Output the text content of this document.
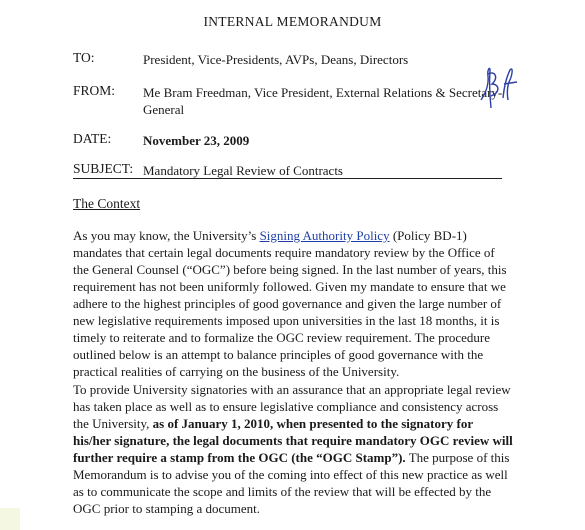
INTERNAL MEMORANDUM
TO:	President, Vice-Presidents, AVPs, Deans, Directors
FROM: Me Bram Freedman, Vice President, External Relations & Secretary-
General
DATE: November 23, 2009
SUBJECT: Mandatory Legal Review of Contracts
The Context
As you may know, the University’s Signing Authority Policy (Policy BD-1) mandates that certain legal documents require mandatory review by the Office of the General Counsel (“OGC”) before being signed. In the last number of years, this requirement has not been uniformly followed. Given my mandate to ensure that we adhere to the highest principles of good governance and given the large number of new legislative requirements imposed upon universities in the last 18 months, it is timely to reiterate and to formalize the OGC review requirement. The procedure outlined below is an attempt to balance principles of good governance with the practical realities of carrying on the business of the University.
To provide University signatories with an assurance that an appropriate legal review has taken place as well as to ensure legislative compliance and consistency across the University, as of January 1, 2010, when presented to the signatory for his/her signature, the legal documents that require mandatory OGC review will further require a stamp from the OGC (the “OGC Stamp”). The purpose of this Memorandum is to advise you of the coming into effect of this new practice as well as to communicate the scope and limits of the review that will be effected by the OGC prior to stamping a document.
